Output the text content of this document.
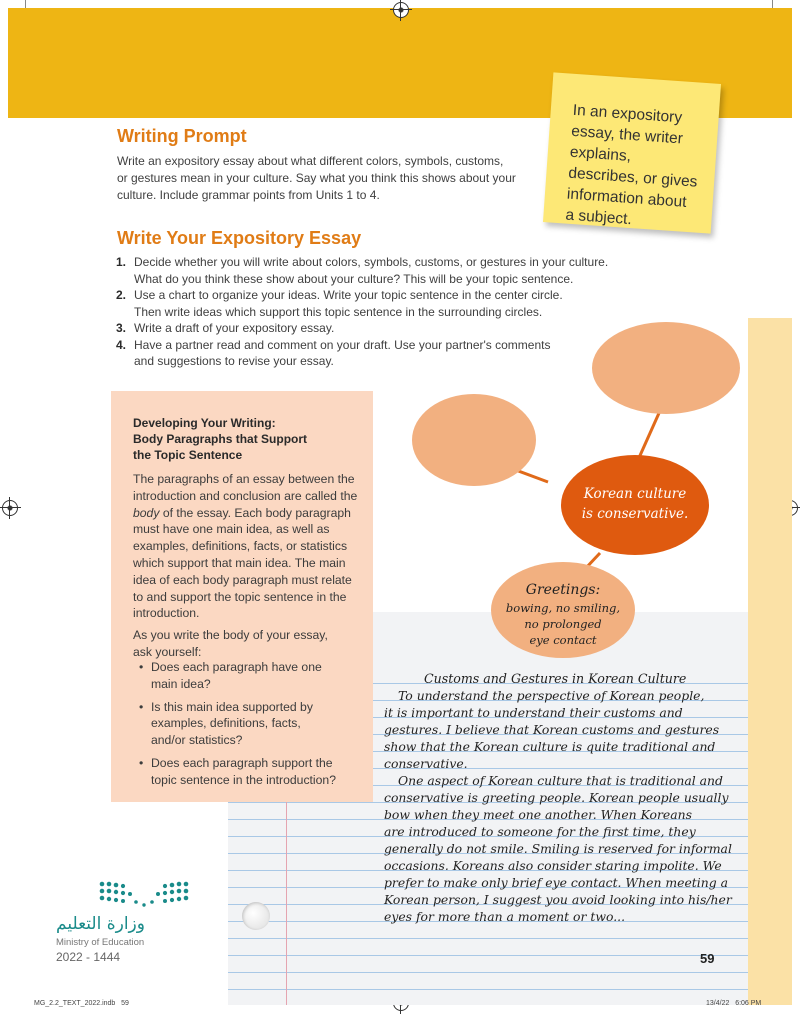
In an expository essay, the writer explains, describes, or gives information about a subject.

Writing Prompt
Write an expository essay about what different colors, symbols, customs,
or gestures mean in your culture. Say what you think this shows about your
culture. Include grammar points from Units 1 to 4.
Write Your Expository Essay
1. Decide whether you will write about colors, symbols, customs, or gestures in your culture.
What do you think these show about your culture? This will be your topic sentence.
2. Use a chart to organize your ideas. Write your topic sentence in the center circle.
Then write ideas which support this topic sentence in the surrounding circles.
3. Write a draft of your expository essay.
4. Have a partner read and comment on your draft. Use your partner's comments
and suggestions to revise your essay.
Developing Your Writing:
Body Paragraphs that Support
the Topic Sentence
The paragraphs of an essay between the
introduction and conclusion are called the
body of the essay. Each body paragraph
must have one main idea, as well as
examples, definitions, facts, or statistics
which support that main idea. The main
idea of each body paragraph must relate
to and support the topic sentence in the
introduction.
As you write the body of your essay,
ask yourself:
• Does each paragraph have one
main idea?
• Is this main idea supported by
examples, definitions, facts,
and/or statistics?
• Does each paragraph support the
topic sentence in the introduction?
Korean culture
is conservative.
Greetings:
bowing, no smiling,
no prolonged
eye contact
Customs and Gestures in Korean Culture
To understand the perspective of Korean people,
it is important to understand their customs and
gestures. I believe that Korean customs and gestures
show that the Korean culture is quite traditional and
conservative.
One aspect of Korean culture that is traditional and
conservative is greeting people. Korean people usually
bow when they meet one another. When Koreans
are introduced to someone for the first time, they
generally do not smile. Smiling is reserved for informal
occasions. Koreans also consider staring impolite. We
prefer to make only brief eye contact. When meeting a
Korean person, I suggest you avoid looking into his/her
eyes for more than a moment or two...
وزارة التعليم
Ministry of Education
2022 - 1444	59
MG_2.2_TEXT_2022.indb   59	13/4/22   6:06 PM
